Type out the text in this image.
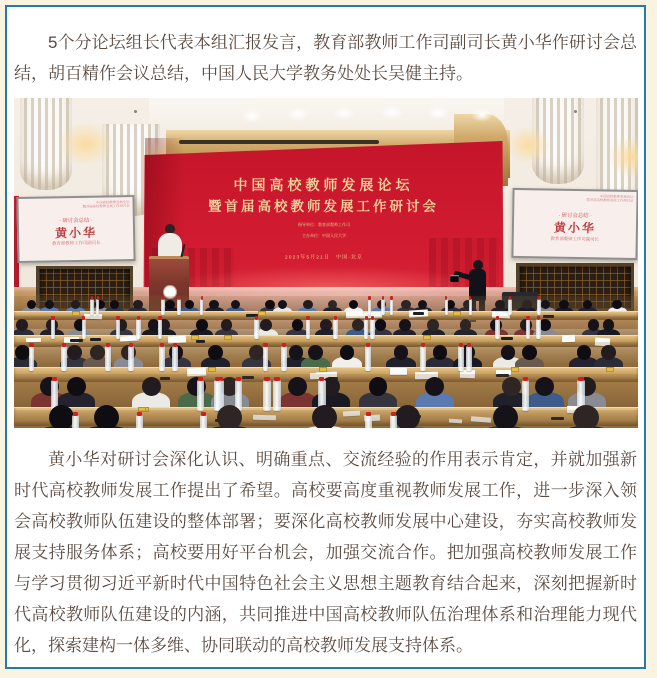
5个分论坛组长代表本组汇报发言，教育部教师工作司副司长黄小华作研讨会总结，胡百精作会议总结，中国人民大学教务处处长吴健主持。

中国高校教师发展论坛
暨首届高校教师发展工作研讨会
指导单位：教育部教师工作司
主办单位：中国人民大学
2023年5月21日　中国·北京
中国高校教师发展论坛
暨首届高校教师发展工作研讨会
· 研讨会总结 ·
黄小华
教育部教师工作司副司长
中国高校教师发展论坛
暨首届高校教师发展工作研讨会
· 研讨会总结 ·
黄小华
教育部教师工作司副司长

黄小华对研讨会深化认识、明确重点、交流经验的作用表示肯定，并就加强新时代高校教师发展工作提出了希望。高校要高度重视教师发展工作，进一步深入领会高校教师队伍建设的整体部署；要深化高校教师发展中心建设，夯实高校教师发展支持服务体系；高校要用好平台机会，加强交流合作。把加强高校教师发展工作与学习贯彻习近平新时代中国特色社会主义思想主题教育结合起来，深刻把握新时代高校教师队伍建设的内涵，共同推进中国高校教师队伍治理体系和治理能力现代化，探索建构一体多维、协同联动的高校教师发展支持体系。
